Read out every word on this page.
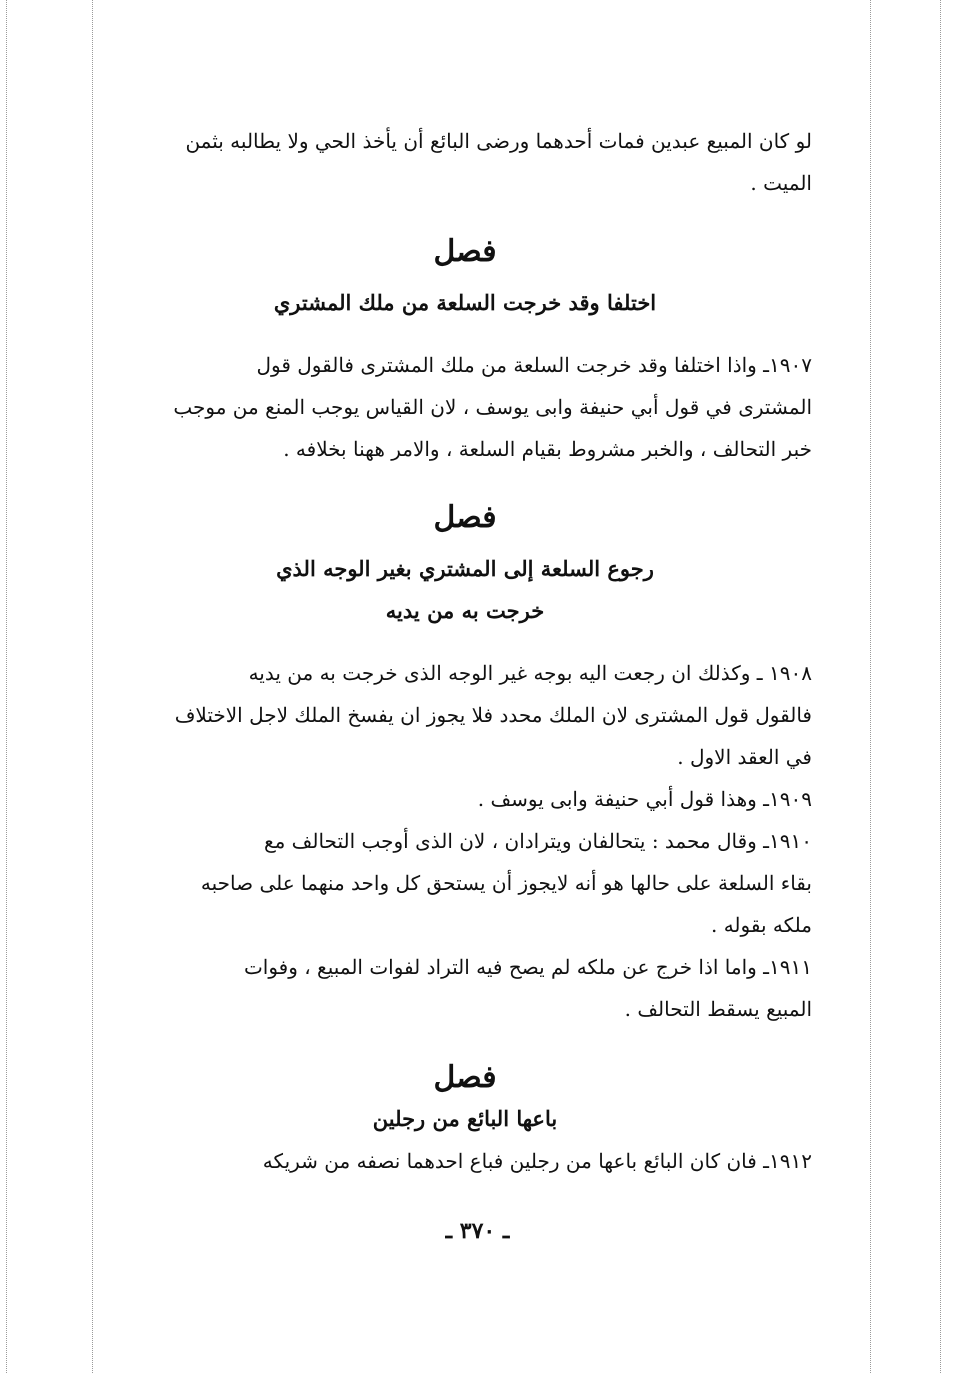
لو كان المبيع عبدين فمات أحدهما ورضى البائع أن يأخذ الحي ولا يطالبه بثمن

الميت .

فصل

اختلفا وقد خرجت السلعة من ملك المشتري

١٩٠٧ـ واذا اختلفا وقد خرجت السلعة من ملك المشترى فالقول قول

المشترى في قول أبي حنيفة وابى يوسف ، لان القياس يوجب المنع من موجب

خبر التحالف ، والخبر مشروط بقيام السلعة ، والامر ههنا بخلافه .

فصل

رجوع السلعة إلى المشتري بغير الوجه الذي

خرجت به من يديه

١٩٠٨ ـ وكذلك ان رجعت اليه بوجه غير الوجه الذى خرجت به من يديه

فالقول قول المشترى لان الملك محدد فلا يجوز ان يفسخ الملك لاجل الاختلاف

في العقد الاول .

١٩٠٩ـ وهذا قول أبي حنيفة وابى يوسف .

١٩١٠ـ وقال محمد : يتحالفان ويترادان ، لان الذى أوجب التحالف مع

بقاء السلعة على حالها هو أنه لايجوز أن يستحق كل واحد منهما على صاحبه

ملكه بقوله .

١٩١١ـ واما اذا خرج عن ملكه لم يصح فيه التراد لفوات المبيع ، وفوات

المبيع يسقط التحالف .

فصل

باعها البائع من رجلين

١٩١٢ـ فان كان البائع باعها من رجلين فباع احدهما نصفه من شريكه

ـ ٣٧٠ ـ
